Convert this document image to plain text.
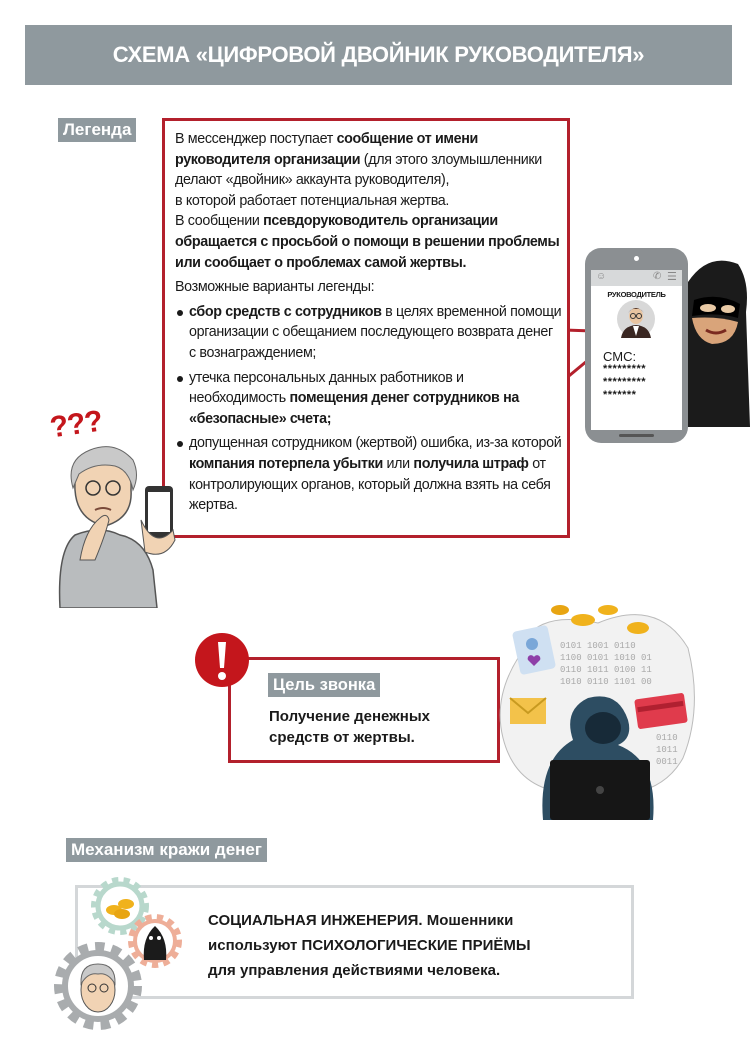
СХЕМА «ЦИФРОВОЙ ДВОЙНИК РУКОВОДИТЕЛЯ»
Легенда	В мессенджер поступает сообщение от имени руководителя организации (для этого злоумышленники делают «двойник» аккаунта руководителя),

в которой работает потенциальная жертва.

В сообщении псевдоруководитель организации обращается с просьбой о помощи в решении проблемы или сообщает о проблемах самой жертвы.

Возможные варианты легенды:

сбор средств с сотрудников в целях временной помощи организации с обещанием последующего возврата денег с вознаграждением;
утечка персональных данных работников и необходимость помещения денег сотрудников на «безопасные» счета;
допущенная сотрудником (жертвой) ошибка, из-за которой компания потерпела убытки или получила штраф от контролирующих органов, который должна взять на себя жертва.
☺	✆ ☰
РУКОВОДИТЕЛЬ
СМС:
*********
*********
*******
???
Цель звонка
Получение денежных
средств от жертвы.
0101 1001 0110
1100 0101 1010 01
0110 1011 0100 11
1010 0110 1101 00
0110
1011
0011
Механизм кражи денег
СОЦИАЛЬНАЯ ИНЖЕНЕРИЯ. Мошенники
используют ПСИХОЛОГИЧЕСКИЕ ПРИЁМЫ
для управления действиями человека.
